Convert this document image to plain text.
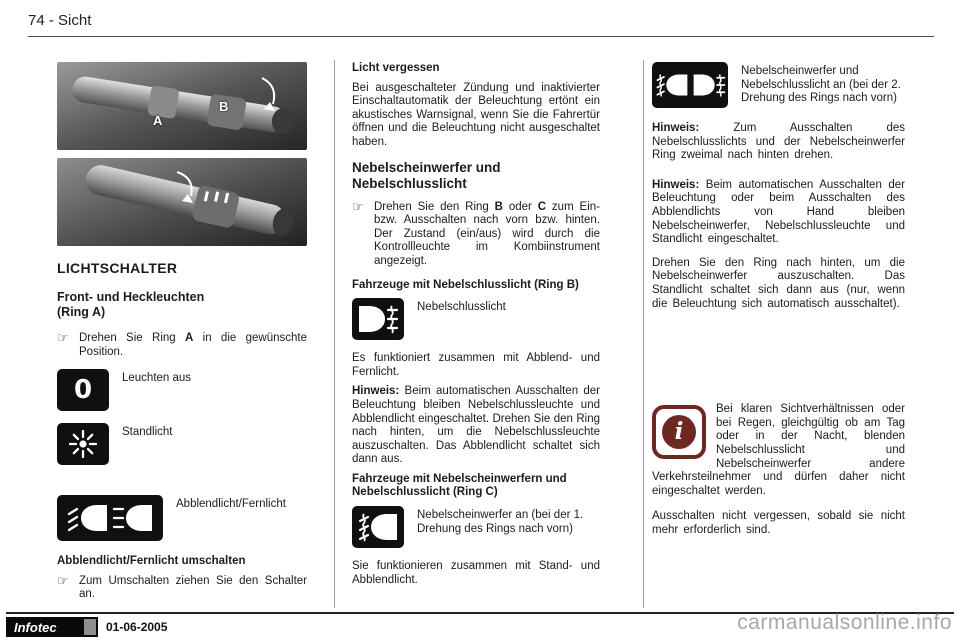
74 - Sicht
A
B
LICHTSCHALTER
Front- und Heckleuchten
(Ring A)
☞ Drehen Sie Ring A in die gewünschte Position.
0	Leuchten aus
Standlicht
Abblendlicht/Fernlicht

Abblendlicht/Fernlicht umschalten

☞ Zum Umschalten ziehen Sie den Schalter an.

Licht vergessen

Bei ausgeschalteter Zündung und inaktivierter Einschaltautomatik der Beleuchtung ertönt ein akustisches Warnsignal, wenn Sie die Fahrertür öffnen und die Beleuchtung nicht ausgeschaltet haben.

Nebelscheinwerfer und Nebelschlusslicht
☞ Drehen Sie den Ring B oder C zum Ein- bzw. Ausschalten nach vorn bzw. hinten. Der Zustand (ein/aus) wird durch die Kontrollleuchte im Kombiinstrument angezeigt.

Fahrzeuge mit Nebelschlusslicht (Ring B)

Nebelschlusslicht

Es funktioniert zusammen mit Abblend- und Fernlicht.

Hinweis: Beim automatischen Ausschalten der Beleuchtung bleiben Nebelschlussleuchte und Abblendlicht eingeschaltet. Drehen Sie den Ring nach hinten, um die Nebelschlussleuchte auszuschalten. Das Abblendlicht schaltet sich dann aus.

Fahrzeuge mit Nebelscheinwerfern und Nebelschlusslicht (Ring C)

Nebelscheinwerfer an (bei der 1. Drehung des Rings nach vorn)

Sie funktionieren zusammen mit Stand- und Abblendlicht.

Nebelscheinwerfer und Nebelschlusslicht an (bei der 2. Drehung des Rings nach vorn)

Hinweis: Zum Ausschalten des Nebelschlusslichts und der Nebelscheinwerfer Ring zweimal nach hinten drehen.

Hinweis: Beim automatischen Ausschalten der Beleuchtung oder beim Ausschalten des Abblendlichts von Hand bleiben Nebelscheinwerfer, Nebelschlussleuchte und Standlicht eingeschaltet.

Drehen Sie den Ring nach hinten, um die Nebelscheinwerfer auszuschalten. Das Standlicht schaltet sich dann aus (nur, wenn die Beleuchtung sich automatisch ausschaltet).

i

Bei klaren Sichtverhältnissen oder bei Regen, gleichgültig ob am Tag oder in der Nacht, blenden Nebelschlusslicht und Nebelscheinwerfer andere Verkehrsteilnehmer und dürfen daher nicht eingeschaltet werden.

Ausschalten nicht vergessen, sobald sie nicht mehr erforderlich sind.

Infotec	01-06-2005	carmanualsonline.info
